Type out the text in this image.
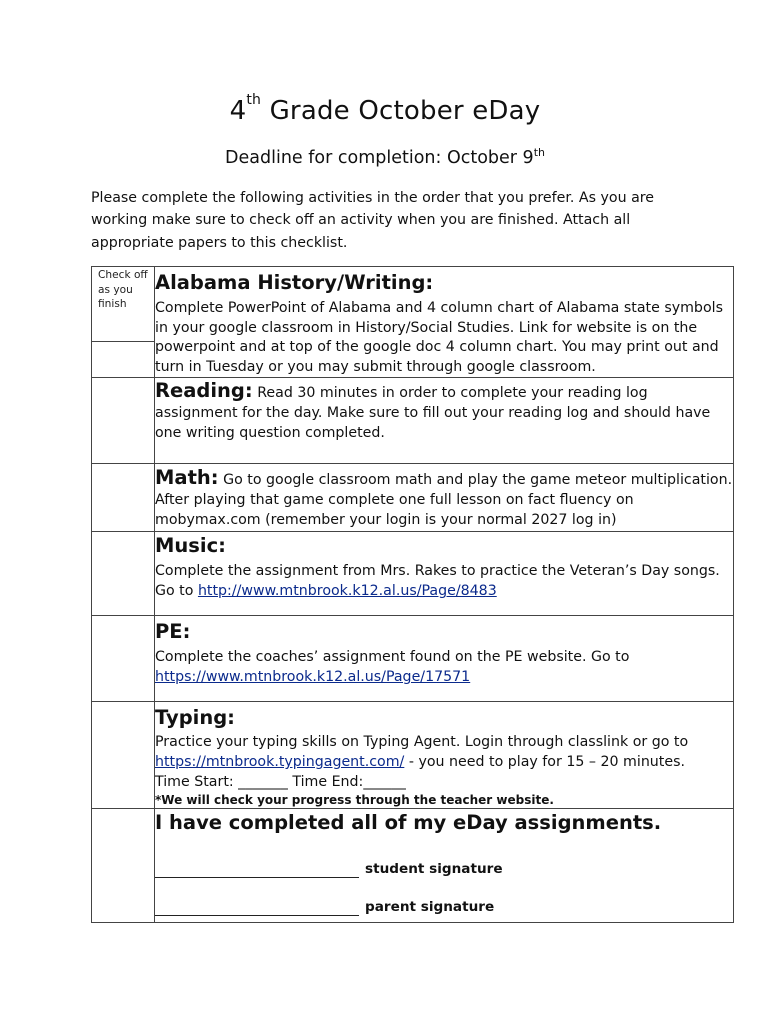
4th Grade October eDay
Deadline for completion: October 9th
Please complete the following activities in the order that you prefer. As you are working make sure to check off an activity when you are finished. Attach all appropriate papers to this checklist.
Check off as you finish	Alabama History/Writing:
Complete PowerPoint of Alabama and 4 column chart of Alabama state symbols in your google classroom in History/Social Studies. Link for website is on the powerpoint and at top of the google doc 4 column chart. You may print out and turn in Tuesday or you may submit through google classroom.

	Reading: Read 30 minutes in order to complete your reading log assignment for the day. Make sure to fill out your reading log and should have one writing question completed.

	Math: Go to google classroom math and play the game meteor multiplication. After playing that game complete one full lesson on fact fluency on mobymax.com (remember your login is your normal 2027 log in)

	Music:
Complete the assignment from Mrs. Rakes to practice the Veteran’s Day songs. Go to http://www.mtnbrook.k12.al.us/Page/8483

	PE:
Complete the coaches’ assignment found on the PE website. Go to https://www.mtnbrook.k12.al.us/Page/17571

	Typing:
Practice your typing skills on Typing Agent. Login through classlink or go to https://mtnbrook.typingagent.com/ - you need to play for 15 – 20 minutes.
Time Start: _______ Time End:______
*We will check your progress through the teacher website.

	I have completed all of my eDay assignments.
student signature
parent signature
